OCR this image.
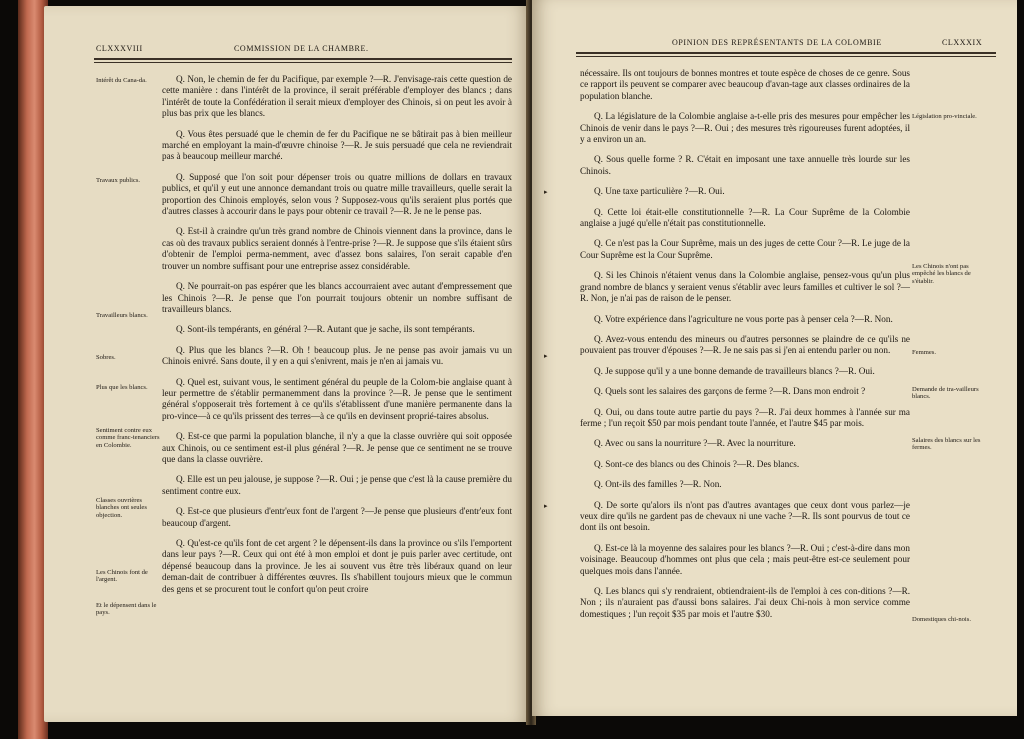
CLXXXVIII	COMMISSION DE LA CHAMBRE.
Intérêt du Cana-da.
Travaux publics.
Travailleurs blancs.
Sobres.
Plus que les blancs.
Sentiment contre eux comme franc-tenanciers en Colombie.
Classes ouvrières blanches ont seules objection.
Les Chinois font de l'argent.
Et le dépensent dans le pays.

Q. Non, le chemin de fer du Pacifique, par exemple ?—R. J'envisage-rais cette question de cette manière : dans l'intérêt de la province, il serait préférable d'employer des blancs ; dans l'intérêt de toute la Confédération il serait mieux d'employer des Chinois, si on peut les avoir à plus bas prix que les blancs.

Q. Vous êtes persuadé que le chemin de fer du Pacifique ne se bâtirait pas à bien meilleur marché en employant la main-d'œuvre chinoise ?—R. Je suis persuadé que cela ne reviendrait pas à beaucoup meilleur marché.

Q. Supposé que l'on soit pour dépenser trois ou quatre millions de dollars en travaux publics, et qu'il y eut une annonce demandant trois ou quatre mille travailleurs, quelle serait la proportion des Chinois employés, selon vous ? Supposez-vous qu'ils seraient plus portés que d'autres classes à accourir dans le pays pour obtenir ce travail ?—R. Je ne le pense pas.

Q. Est-il à craindre qu'un très grand nombre de Chinois viennent dans la province, dans le cas où des travaux publics seraient donnés à l'entre-prise ?—R. Je suppose que s'ils étaient sûrs d'obtenir de l'emploi perma-nemment, avec d'assez bons salaires, l'on serait capable d'en trouver un nombre suffisant pour une entreprise assez considérable.

Q. Ne pourrait-on pas espérer que les blancs accourraient avec autant d'empressement que les Chinois ?—R. Je pense que l'on pourrait toujours obtenir un nombre suffisant de travailleurs blancs.

Q. Sont-ils tempérants, en général ?—R. Autant que je sache, ils sont tempérants.

Q. Plus que les blancs ?—R. Oh ! beaucoup plus. Je ne pense pas avoir jamais vu un Chinois enivré. Sans doute, il y en a qui s'enivrent, mais je n'en ai jamais vu.

Q. Quel est, suivant vous, le sentiment général du peuple de la Colom-bie anglaise quant à leur permettre de s'établir permanemment dans la province ?—R. Je pense que le sentiment général s'opposerait très fortement à ce qu'ils s'établissent d'une manière permanente dans la pro-vince—à ce qu'ils prissent des terres—à ce qu'ils en devinsent proprié-taires absolus.

Q. Est-ce que parmi la population blanche, il n'y a que la classe ouvrière qui soit opposée aux Chinois, ou ce sentiment est-il plus général ?—R. Je pense que ce sentiment ne se trouve que dans la classe ouvrière.

Q. Elle est un peu jalouse, je suppose ?—R. Oui ; je pense que c'est là la cause première du sentiment contre eux.

Q. Est-ce que plusieurs d'entr'eux font de l'argent ?—Je pense que plusieurs d'entr'eux font beaucoup d'argent.

Q. Qu'est-ce qu'ils font de cet argent ? le dépensent-ils dans la province ou s'ils l'emportent dans leur pays ?—R. Ceux qui ont été à mon emploi et dont je puis parler avec certitude, ont dépensé beaucoup dans la province. Je les ai souvent vus être très libéraux quand on leur deman-dait de contribuer à différentes œuvres. Ils s'habillent toujours mieux que le commun des gens et se procurent tout le confort qu'on peut croire

OPINION DES REPRÉSENTANTS DE LA COLOMBIE	CLXXXIX
▸
▸
▸

nécessaire. Ils ont toujours de bonnes montres et toute espèce de choses de ce genre. Sous ce rapport ils peuvent se comparer avec beaucoup d'avan-tage aux classes ordinaires de la population blanche.

Q. La législature de la Colombie anglaise a-t-elle pris des mesures pour empêcher les Chinois de venir dans le pays ?—R. Oui ; des mesures très rigoureuses furent adoptées, il y a environ un an.

Q. Sous quelle forme ? R. C'était en imposant une taxe annuelle très lourde sur les Chinois.

Q. Une taxe particulière ?—R. Oui.

Q. Cette loi était-elle constitutionnelle ?—R. La Cour Suprême de la Colombie anglaise a jugé qu'elle n'était pas constitutionnelle.

Q. Ce n'est pas la Cour Suprême, mais un des juges de cette Cour ?—R. Le juge de la Cour Suprême est la Cour Suprême.

Q. Si les Chinois n'étaient venus dans la Colombie anglaise, pensez-vous qu'un plus grand nombre de blancs y seraient venus s'établir avec leurs familles et cultiver le sol ?—R. Non, je n'ai pas de raison de le penser.

Q. Votre expérience dans l'agriculture ne vous porte pas à penser cela ?—R. Non.

Q. Avez-vous entendu des mineurs ou d'autres personnes se plaindre de ce qu'ils ne pouvaient pas trouver d'épouses ?—R. Je ne sais pas si j'en ai entendu parler ou non.

Q. Je suppose qu'il y a une bonne demande de travailleurs blancs ?—R. Oui.

Q. Quels sont les salaires des garçons de ferme ?—R. Dans mon endroit ?

Q. Oui, ou dans toute autre partie du pays ?—R. J'ai deux hommes à l'année sur ma ferme ; l'un reçoit $50 par mois pendant toute l'année, et l'autre $45 par mois.

Q. Avec ou sans la nourriture ?—R. Avec la nourriture.

Q. Sont-ce des blancs ou des Chinois ?—R. Des blancs.

Q. Ont-ils des familles ?—R. Non.

Q. De sorte qu'alors ils n'ont pas d'autres avantages que ceux dont vous parlez—je veux dire qu'ils ne gardent pas de chevaux ni une vache ?—R. Ils sont pourvus de tout ce dont ils ont besoin.

Q. Est-ce là la moyenne des salaires pour les blancs ?—R. Oui ; c'est-à-dire dans mon voisinage. Beaucoup d'hommes ont plus que cela ; mais peut-être est-ce seulement pour quelques mois dans l'année.

Q. Les blancs qui s'y rendraient, obtiendraient-ils de l'emploi à ces con-ditions ?—R. Non ; ils n'auraient pas d'aussi bons salaires. J'ai deux Chi-nois à mon service comme domestiques ; l'un reçoit $35 par mois et l'autre $30.

Législation pro-vinciale.
Les Chinois n'ont pas empêché les blancs de s'établir.
Femmes.
Demande de tra-vailleurs blancs.
Salaires des blancs sur les fermes.
Domestiques chi-nois.
